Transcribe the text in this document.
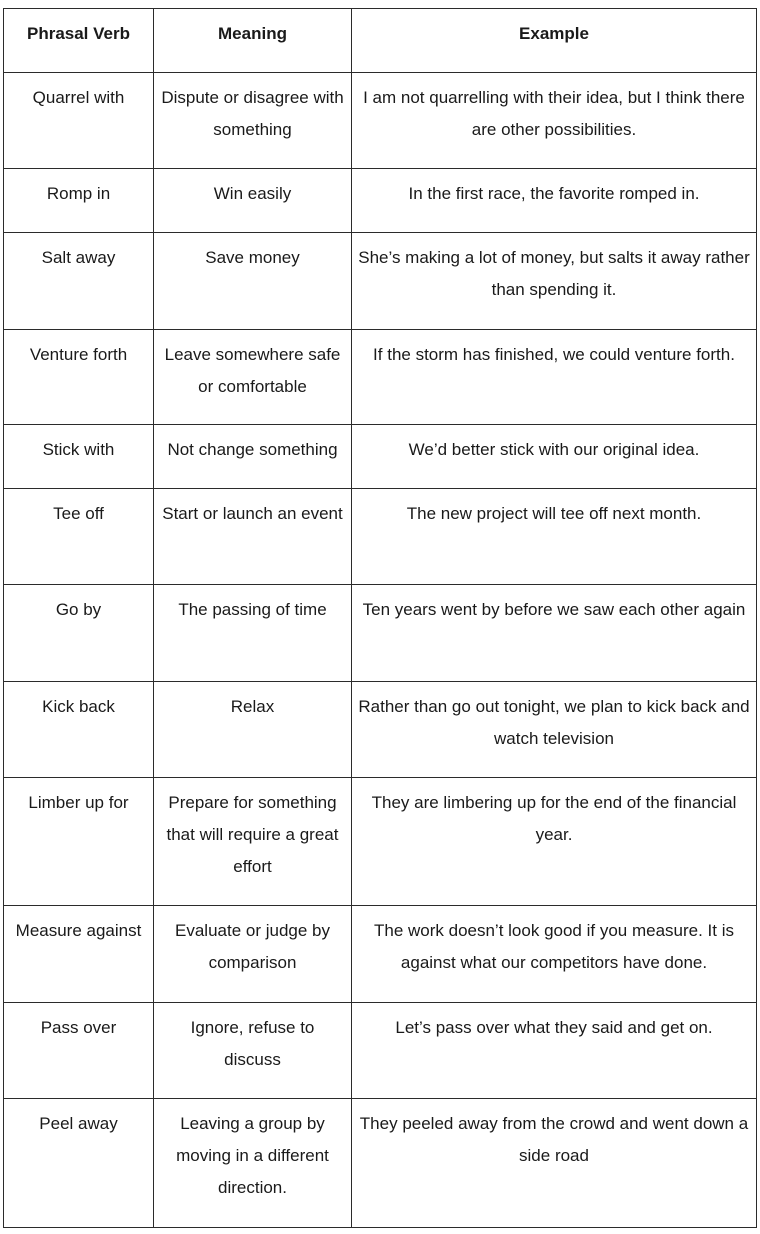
Phrasal Verb	Meaning	Example
Quarrel with	Dispute or disagree with something	I am not quarrelling with their idea, but I think there are other possibilities.
Romp in	Win easily	In the first race, the favorite romped in.
Salt away	Save money	She’s making a lot of money, but salts it away rather than spending it.
Venture forth	Leave somewhere safe or comfortable	If the storm has finished, we could venture forth.
Stick with	Not change something	We’d better stick with our original idea.
Tee off	Start or launch an event	The new project will tee off next month.
Go by	The passing of time	Ten years went by before we saw each other again
Kick back	Relax	Rather than go out tonight, we plan to kick back and watch television
Limber up for	Prepare for something that will require a great effort	They are limbering up for the end of the financial year.
Measure against	Evaluate or judge by comparison	The work doesn’t look good if you measure. It is against what our competitors have done.
Pass over	Ignore, refuse to discuss	Let’s pass over what they said and get on.
Peel away	Leaving a group by moving in a different direction.	They peeled away from the crowd and went down a side road
